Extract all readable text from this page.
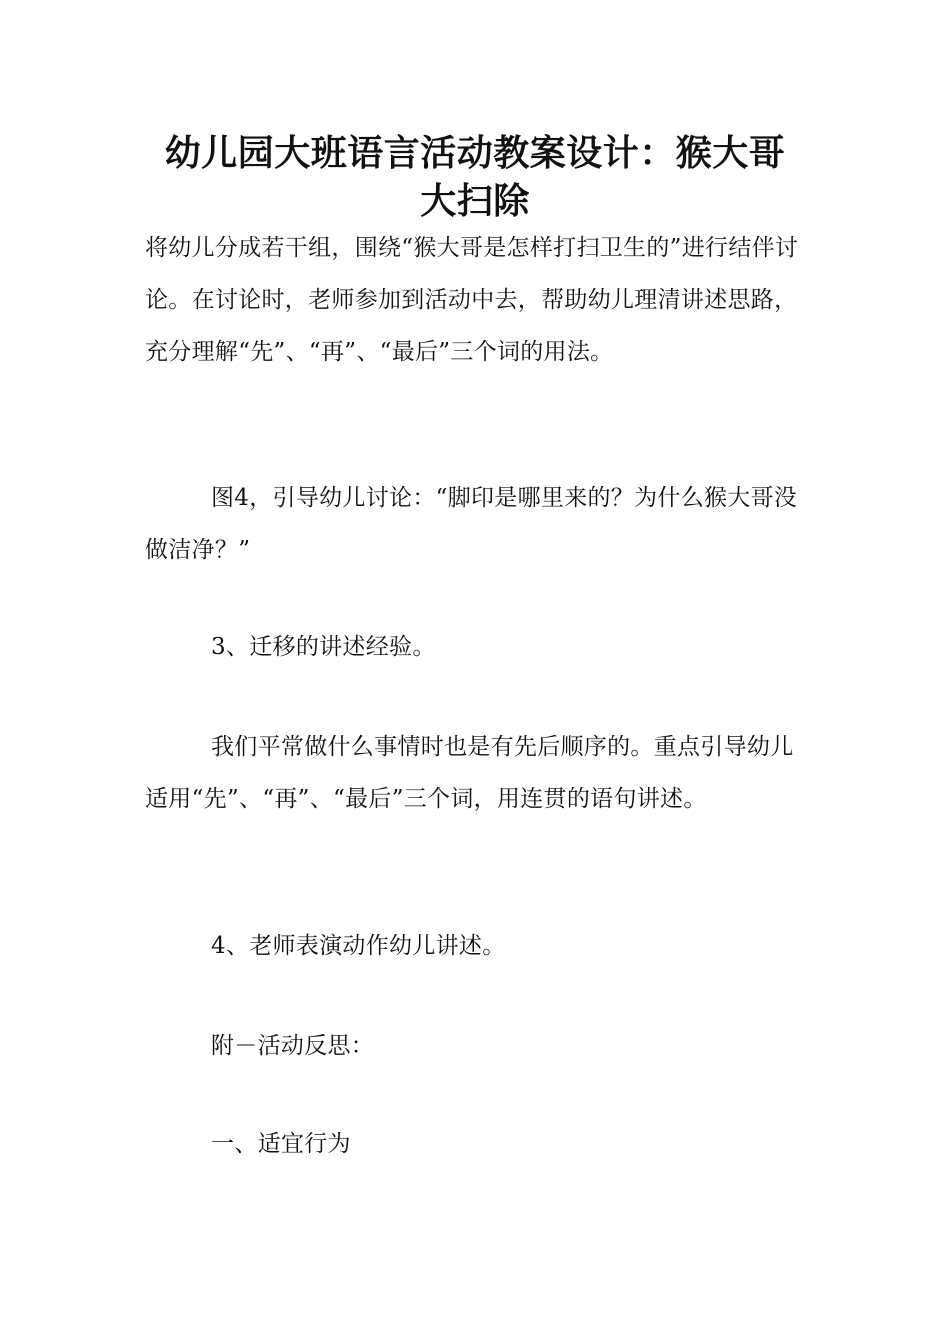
幼儿园大班语言活动教案设计：猴大哥
大扫除

将幼儿分成若干组，围绕“猴大哥是怎样打扫卫生的”进行结伴讨论。在讨论时，老师参加到活动中去，帮助幼儿理清讲述思路，充分理解“先”、“再”、“最后”三个词的用法。

图4，引导幼儿讨论：“脚印是哪里来的？为什么猴大哥没做洁净？”

3、迁移的讲述经验。

我们平常做什么事情时也是有先后顺序的。重点引导幼儿适用“先”、“再”、“最后”三个词，用连贯的语句讲述。

4、老师表演动作幼儿讲述。

附－活动反思：

一、适宜行为
